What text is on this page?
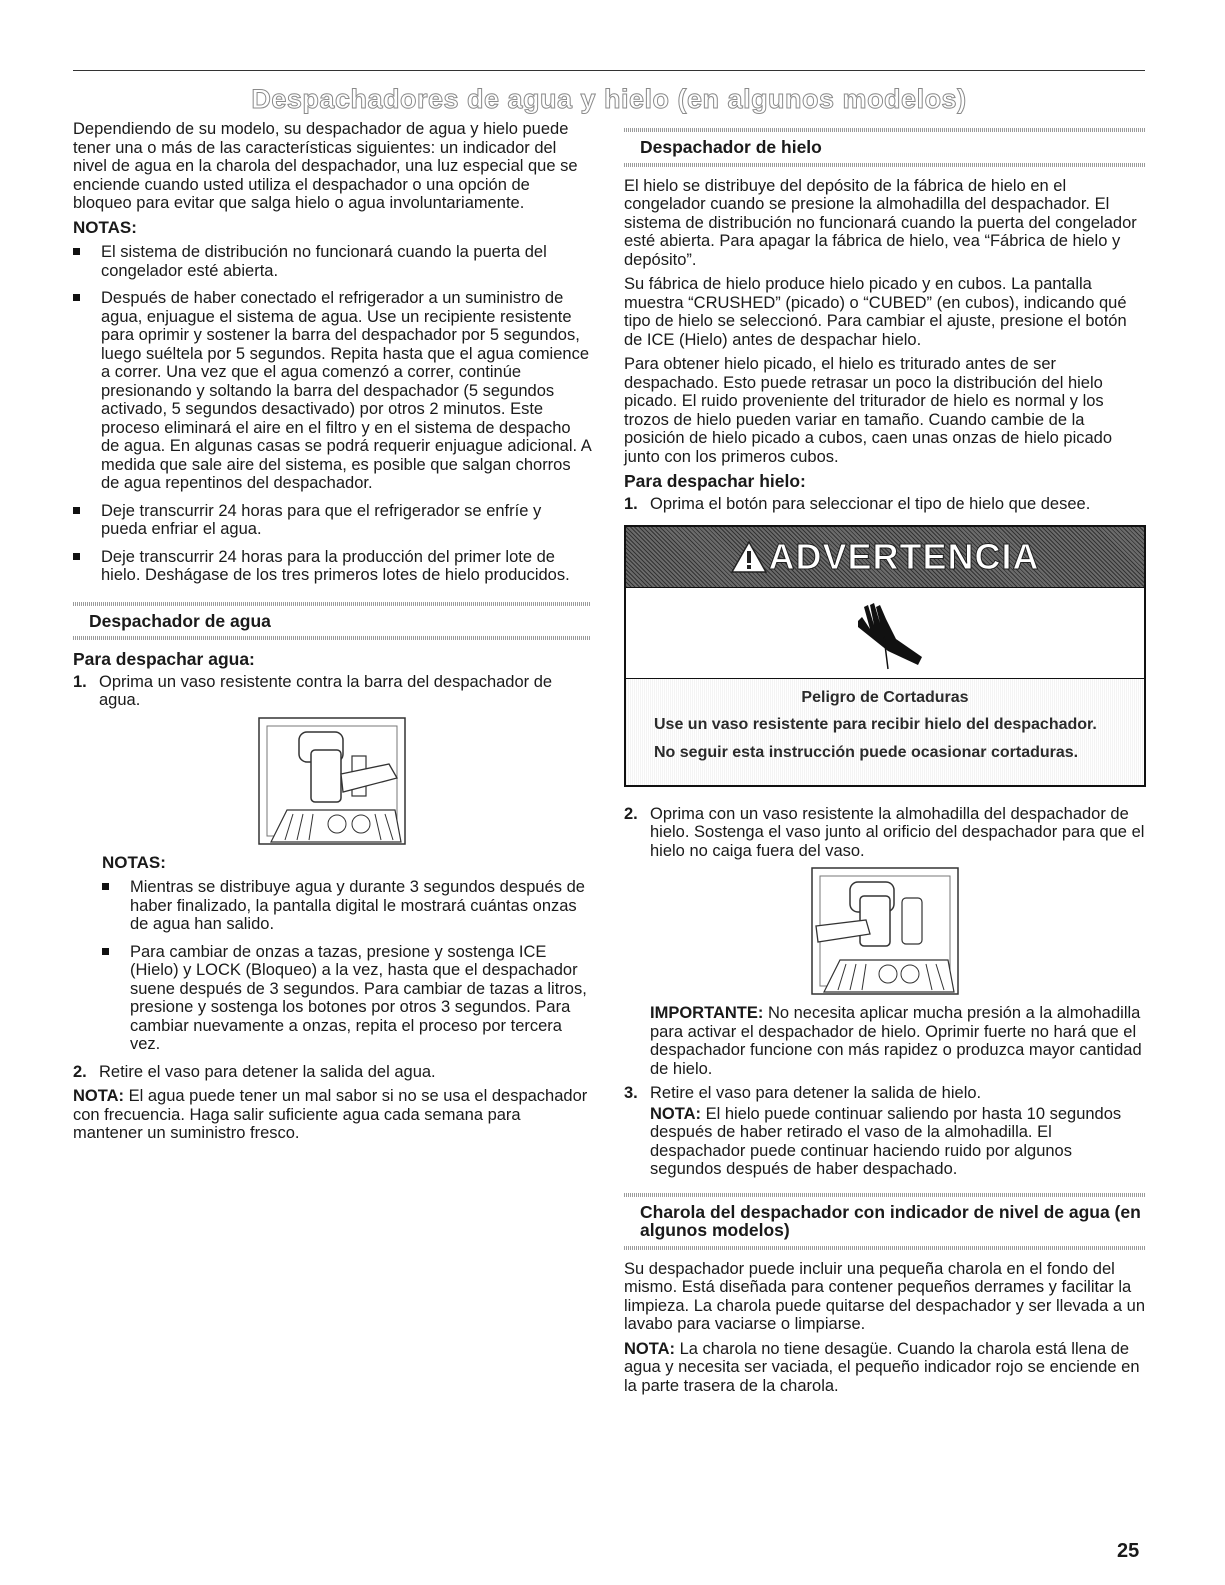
Despachadores de agua y hielo (en algunos modelos)

Dependiendo de su modelo, su despachador de agua y hielo puede tener una o más de las características siguientes: un indicador del nivel de agua en la charola del despachador, una luz especial que se enciende cuando usted utiliza el despachador o una opción de bloqueo para evitar que salga hielo o agua involuntariamente.

NOTAS:
El sistema de distribución no funcionará cuando la puerta del congelador esté abierta.
Después de haber conectado el refrigerador a un suministro de agua, enjuague el sistema de agua. Use un recipiente resistente para oprimir y sostener la barra del despachador por 5 segundos, luego suéltela por 5 segundos. Repita hasta que el agua comience a correr. Una vez que el agua comenzó a correr, continúe presionando y soltando la barra del despachador (5 segundos activado, 5 segundos desactivado) por otros 2 minutos. Este proceso eliminará el aire en el filtro y en el sistema de despacho de agua. En algunas casas se podrá requerir enjuague adicional. A medida que sale aire del sistema, es posible que salgan chorros de agua repentinos del despachador.
Deje transcurrir 24 horas para que el refrigerador se enfríe y pueda enfriar el agua.
Deje transcurrir 24 horas para la producción del primer lote de hielo. Deshágase de los tres primeros lotes de hielo producidos.
Despachador de agua
Para despachar agua:
1. Oprima un vaso resistente contra la barra del despachador de agua.
NOTAS:
Mientras se distribuye agua y durante 3 segundos después de haber finalizado, la pantalla digital le mostrará cuántas onzas de agua han salido.
Para cambiar de onzas a tazas, presione y sostenga ICE (Hielo) y LOCK (Bloqueo) a la vez, hasta que el despachador suene después de 3 segundos. Para cambiar de tazas a litros, presione y sostenga los botones por otros 3 segundos. Para cambiar nuevamente a onzas, repita el proceso por tercera vez.
2. Retire el vaso para detener la salida del agua.

NOTA: El agua puede tener un mal sabor si no se usa el despachador con frecuencia. Haga salir suficiente agua cada semana para mantener un suministro fresco.

Despachador de hielo

El hielo se distribuye del depósito de la fábrica de hielo en el congelador cuando se presione la almohadilla del despachador. El sistema de distribución no funcionará cuando la puerta del congelador esté abierta. Para apagar la fábrica de hielo, vea “Fábrica de hielo y depósito”.

Su fábrica de hielo produce hielo picado y en cubos. La pantalla muestra “CRUSHED” (picado) o “CUBED” (en cubos), indicando qué tipo de hielo se seleccionó. Para cambiar el ajuste, presione el botón de ICE (Hielo) antes de despachar hielo.

Para obtener hielo picado, el hielo es triturado antes de ser despachado. Esto puede retrasar un poco la distribución del hielo picado. El ruido proveniente del triturador de hielo es normal y los trozos de hielo pueden variar en tamaño. Cuando cambie de la posición de hielo picado a cubos, caen unas onzas de hielo picado junto con los primeros cubos.

Para despachar hielo:
1. Oprima el botón para seleccionar el tipo de hielo que desee.
ADVERTENCIA
Peligro de Cortaduras
Use un vaso resistente para recibir hielo del despachador.
No seguir esta instrucción puede ocasionar cortaduras.
2. Oprima con un vaso resistente la almohadilla del despachador de hielo. Sostenga el vaso junto al orificio del despachador para que el hielo no caiga fuera del vaso.

IMPORTANTE: No necesita aplicar mucha presión a la almohadilla para activar el despachador de hielo. Oprimir fuerte no hará que el despachador funcione con más rapidez o produzca mayor cantidad de hielo.

3. Retire el vaso para detener la salida de hielo.
NOTA: El hielo puede continuar saliendo por hasta 10 segundos después de haber retirado el vaso de la almohadilla. El despachador puede continuar haciendo ruido por algunos segundos después de haber despachado.
Charola del despachador con indicador de nivel de agua (en algunos modelos)

Su despachador puede incluir una pequeña charola en el fondo del mismo. Está diseñada para contener pequeños derrames y facilitar la limpieza. La charola puede quitarse del despachador y ser llevada a un lavabo para vaciarse o limpiarse.

NOTA: La charola no tiene desagüe. Cuando la charola está llena de agua y necesita ser vaciada, el pequeño indicador rojo se enciende en la parte trasera de la charola.

25
